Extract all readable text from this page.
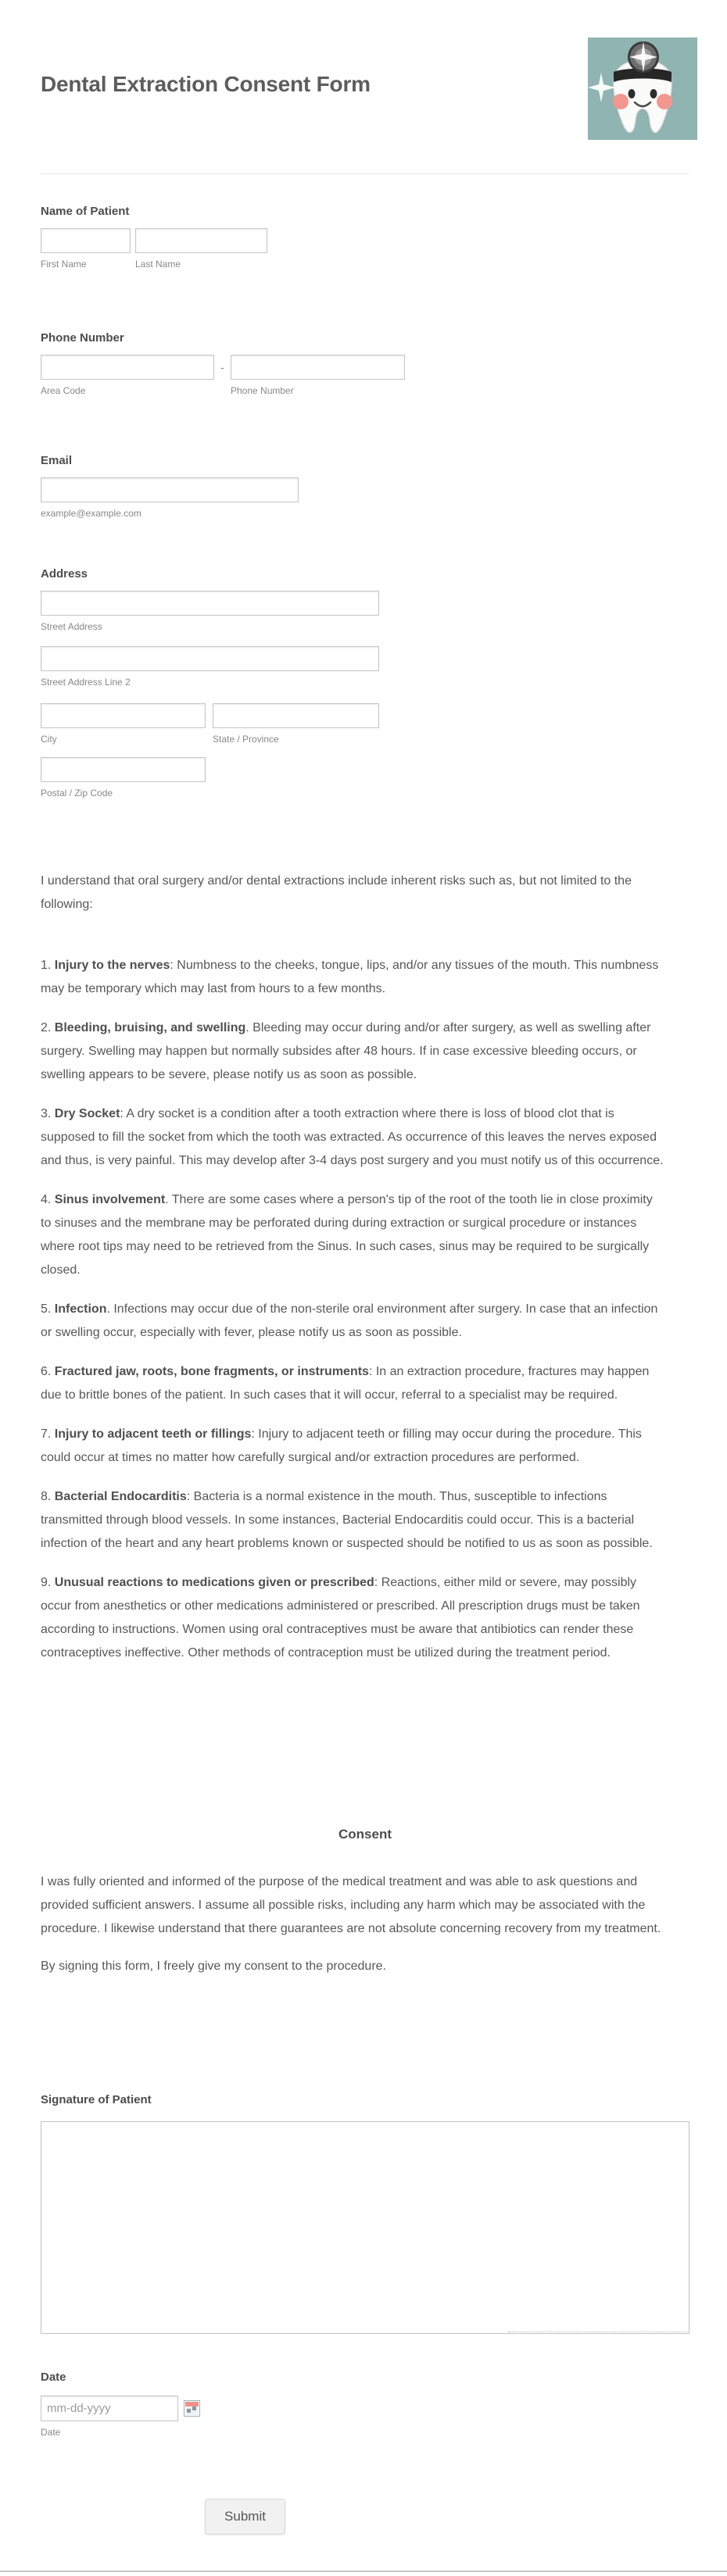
Dental Extraction Consent Form
Name of Patient
First Name	Last Name
Phone Number
-
Area Code	Phone Number
Email
example@example.com
Address
Street Address
Street Address Line 2
City	State / Province
Postal / Zip Code

I understand that oral surgery and/or dental extractions include inherent risks such as, but not limited to the following:

1. Injury to the nerves: Numbness to the cheeks, tongue, lips, and/or any tissues of the mouth. This numbness may be temporary which may last from hours to a few months.

2. Bleeding, bruising, and swelling. Bleeding may occur during and/or after surgery, as well as swelling after surgery. Swelling may happen but normally subsides after 48 hours. If in case excessive bleeding occurs, or swelling appears to be severe, please notify us as soon as possible.

3. Dry Socket: A dry socket is a condition after a tooth extraction where there is loss of blood clot that is supposed to fill the socket from which the tooth was extracted. As occurrence of this leaves the nerves exposed and thus, is very painful. This may develop after 3-4 days post surgery and you must notify us of this occurrence.

4. Sinus involvement. There are some cases where a person's tip of the root of the tooth lie in close proximity to sinuses and the membrane may be perforated during during extraction or surgical procedure or instances where root tips may need to be retrieved from the Sinus. In such cases, sinus may be required to be surgically closed.

5. Infection. Infections may occur due of the non-sterile oral environment after surgery. In case that an infection or swelling occur, especially with fever, please notify us as soon as possible.

6. Fractured jaw, roots, bone fragments, or instruments: In an extraction procedure, fractures may happen due to brittle bones of the patient. In such cases that it will occur, referral to a specialist may be required.

7. Injury to adjacent teeth or fillings: Injury to adjacent teeth or filling may occur during the procedure. This could occur at times no matter how carefully surgical and/or extraction procedures are performed.

8. Bacterial Endocarditis: Bacteria is a normal existence in the mouth. Thus, susceptible to infections transmitted through blood vessels. In some instances, Bacterial Endocarditis could occur. This is a bacterial infection of the heart and any heart problems known or suspected should be notified to us as soon as possible.

9. Unusual reactions to medications given or prescribed: Reactions, either mild or severe, may possibly occur from anesthetics or other medications administered or prescribed. All prescription drugs must be taken according to instructions. Women using oral contraceptives must be aware that antibiotics can render these contraceptives ineffective. Other methods of contraception must be utilized during the treatment period.

Consent

I was fully oriented and informed of the purpose of the medical treatment and was able to ask questions and provided sufficient answers. I assume all possible risks, including any harm which may be associated with the procedure. I likewise understand that there guarantees are not absolute concerning recovery from my treatment.

By signing this form, I freely give my consent to the procedure.

Signature of Patient
Date
mm-dd-yyyy
Date
Submit
